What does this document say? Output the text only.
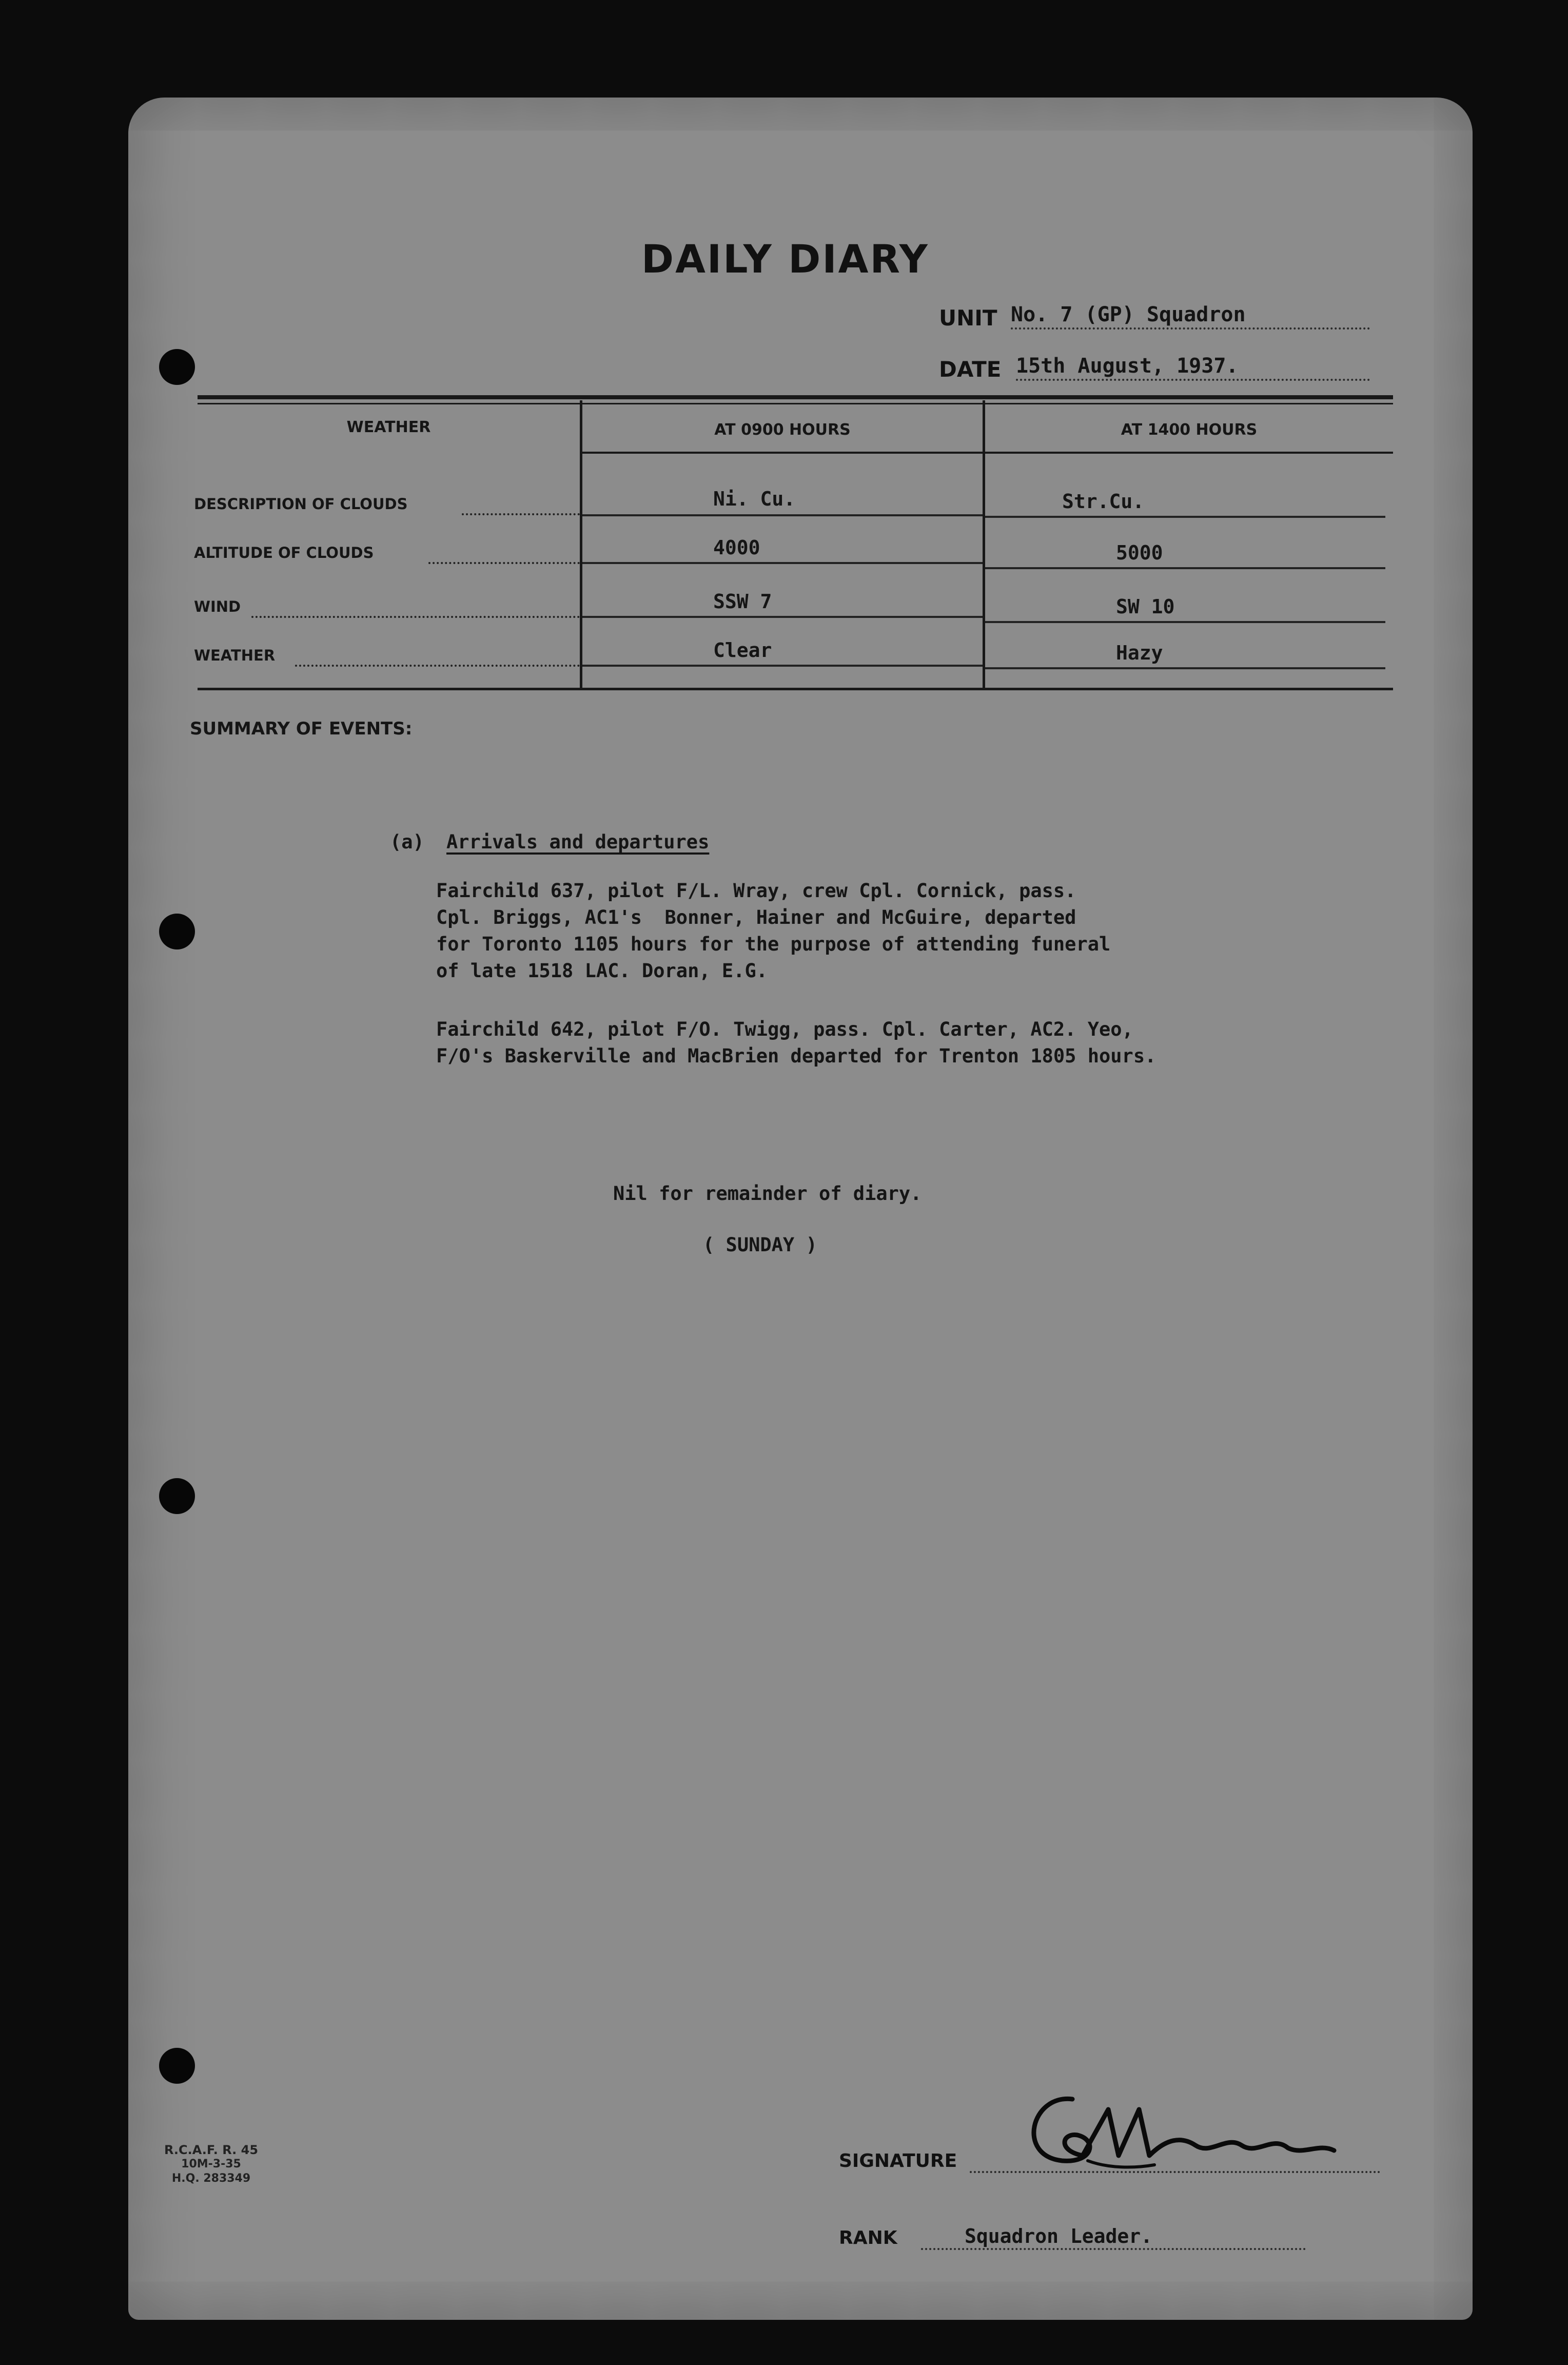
DAILY DIARY
UNIT No. 7 (GP) Squadron
DATE 15th August, 1937.
WEATHER	AT 0900 HOURS	AT 1400 HOURS
DESCRIPTION OF CLOUDS	Ni. Cu.	Str.Cu.
ALTITUDE OF CLOUDS	4000	5000
WIND	SSW 7	SW 10
WEATHER	Clear	Hazy
SUMMARY OF EVENTS:
(a) Arrivals and departures
Fairchild 637, pilot F/L. Wray, crew Cpl. Cornick, pass.
Cpl. Briggs, AC1's  Bonner, Hainer and McGuire, departed
for Toronto 1105 hours for the purpose of attending funeral
of late 1518 LAC. Doran, E.G.
Fairchild 642, pilot F/O. Twigg, pass. Cpl. Carter, AC2. Yeo,
F/O's Baskerville and MacBrien departed for Trenton 1805 hours.
Nil for remainder of diary.
( SUNDAY )
R.C.A.F. R. 45
10M-3-35
H.Q. 283349
SIGNATURE
RANK	Squadron Leader.
